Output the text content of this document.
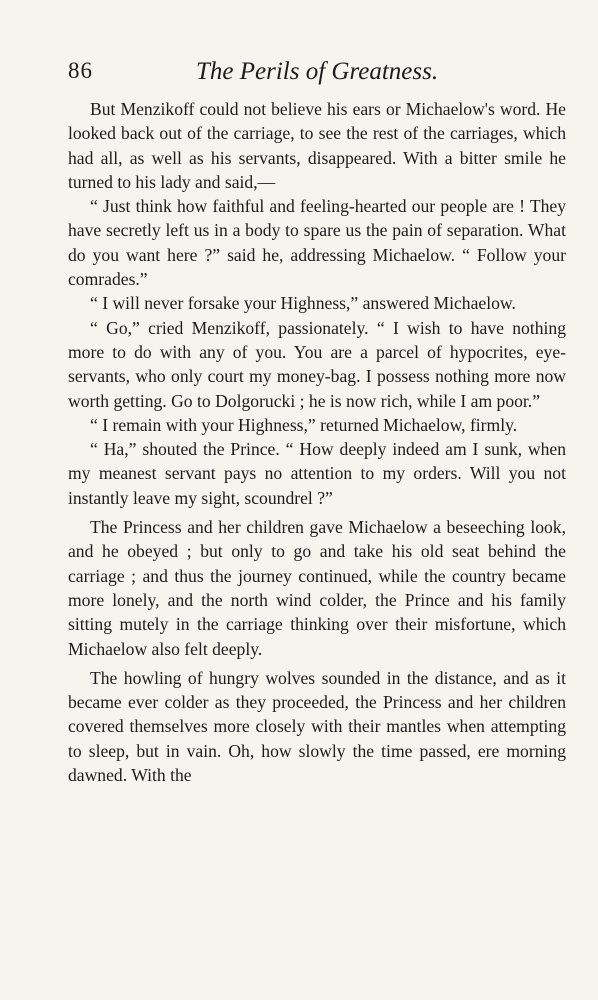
86	The Perils of Greatness.

But Menzikoff could not believe his ears or Michaelow's word. He looked back out of the carriage, to see the rest of the carriages, which had all, as well as his servants, disappeared. With a bitter smile he turned to his lady and said,—

“ Just think how faithful and feeling-hearted our people are ! They have secretly left us in a body to spare us the pain of separation. What do you want here ?” said he, addressing Michaelow. “ Follow your comrades.”

“ I will never forsake your Highness,” answered Michaelow.

“ Go,” cried Menzikoff, passionately. “ I wish to have nothing more to do with any of you. You are a parcel of hypocrites, eye-servants, who only court my money-bag. I possess nothing more now worth getting. Go to Dolgorucki ; he is now rich, while I am poor.”

“ I remain with your Highness,” returned Michaelow, firmly.

“ Ha,” shouted the Prince. “ How deeply indeed am I sunk, when my meanest servant pays no attention to my orders. Will you not instantly leave my sight, scoundrel ?”

The Princess and her children gave Michaelow a beseeching look, and he obeyed ; but only to go and take his old seat behind the carriage ; and thus the journey continued, while the country became more lonely, and the north wind colder, the Prince and his family sitting mutely in the carriage thinking over their misfortune, which Michaelow also felt deeply.

The howling of hungry wolves sounded in the distance, and as it became ever colder as they proceeded, the Princess and her children covered themselves more closely with their mantles when attempting to sleep, but in vain. Oh, how slowly the time passed, ere morning dawned. With the
